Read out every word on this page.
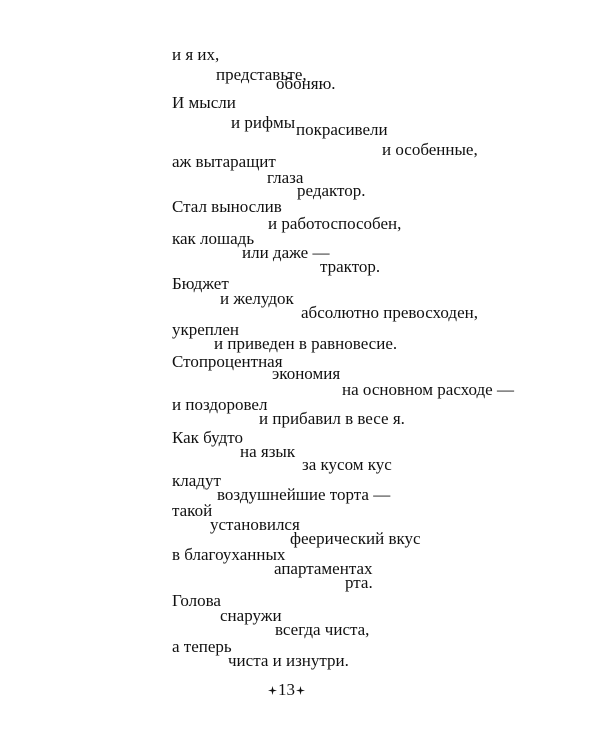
и я их,
представьте,
обоняю.
И мысли
и рифмы покрасивели
и особенные,
аж вытаращит
глаза
редактор.
Стал вынослив
и работоспособен,
как лошадь
или даже —
трактор.
Бюджет
и желудок
абсолютно превосходен,
укреплен
и приведен в равновесие.
Стопроцентная
экономия
на основном расходе —
и поздоровел
и прибавил в весе я.
Как будто
на язык
за кусом кус
кладут
воздушнейшие торта —
такой
установился
феерический вкус
в благоуханных
апартаментах
рта.
Голова
снаружи
всегда чиста,
а теперь
чиста и изнутри.
13
